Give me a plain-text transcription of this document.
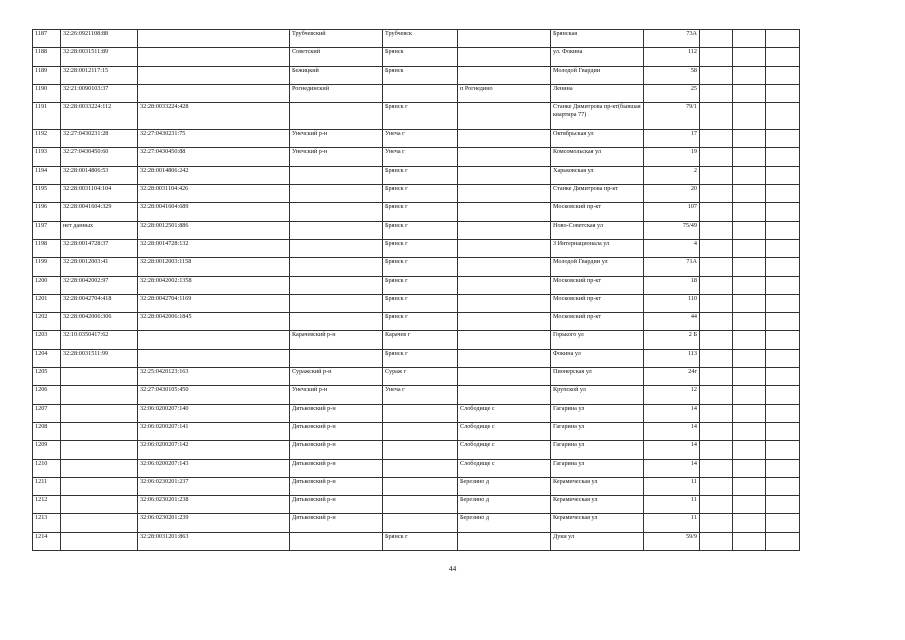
1187	32:26:0921108:88		Трубчевский	Трубчевск		Брянская	73А			
1188	32:28:0031511:89		Советский	Брянск		ул. Фокина	112			
1189	32:28:0012117:15		Бежицкий	Брянск		Молодой Гвардии	58			
1190	32:21:0090103:37		Рогнединский		п Рогнедино	Ленина	25			
1191	32:28:0033224:112	32:28:0033224:428		Брянск г		Станке Димитрова пр-кт(бывшая квартира 77)	79/1			
1192	32:27:0430231:28	32:27:0430231:75	Унечский р-н	Унеча г		Октябрьская ул	17			
1193	32:27:0430450:60	32:27:0430450:88	Унечский р-н	Унеча г		Комсомольская ул	19			
1194	32:28:0014806:53	32:28:0014806:242		Брянск г		Харьковская ул	2			
1195	32:28:0031104:104	32:28:0031104:426		Брянск г		Станке Димитрова пр-кт	20			
1196	32:28:0041604:329	32:28:0041604:689		Брянск г		Московский пр-кт	107			
1197	нет данных	32:28:0012501:886		Брянск г		Ново-Советская ул	75/49			
1198	32:28:0014728:37	32:28:0014728:132		Брянск г		3 Интернационала ул	4			
1199	32:28:0012003:41	32:28:0012003:1158		Брянск г		Молодой Гвардии ул	71А			
1200	32:28:0042002:97	32:28:0042002:1358		Брянск г		Московский пр-кт	18			
1201	32:28:0042704:418	32:28:0042704:1169		Брянск г		Московский пр-кт	110			
1202	32:28:0042006:306	32:28:0042006:1845		Брянск г		Московский пр-кт	44			
1203	32:10:0350417:62		Карачевский р-н	Карачев г		Горького ул	2 Б			
1204	32:28:0031511:99			Брянск г		Фокина ул	113			
1205		32:25:0420123:163	Суражский р-н	Сураж г		Пионерская ул	24г			
1206		32:27:0430105:450	Унечский р-н	Унеча г		Крупской ул	12			
1207		32:06:0200207:140	Дятьковский р-н		Слободище с	Гагарина ул	14			
1208		32:06:0200207:141	Дятьковский р-н		Слободище с	Гагарина ул	14			
1209		32:06:0200207:142	Дятьковский р-н		Слободище с	Гагарина ул	14			
1210		32:06:0200207:143	Дятьковский р-н		Слободище с	Гагарина ул	14			
1211		32:06:0230201:237	Дятьковский р-н		Березино д	Керамическая ул	11			
1212		32:06:0230201:238	Дятьковский р-н		Березино д	Керамическая ул	11			
1213		32:06:0230201:239	Дятьковский р-н		Березино д	Керамическая ул	11			
1214		32:28:0031201:863		Брянск г		Дуки ул	59/9			
44
